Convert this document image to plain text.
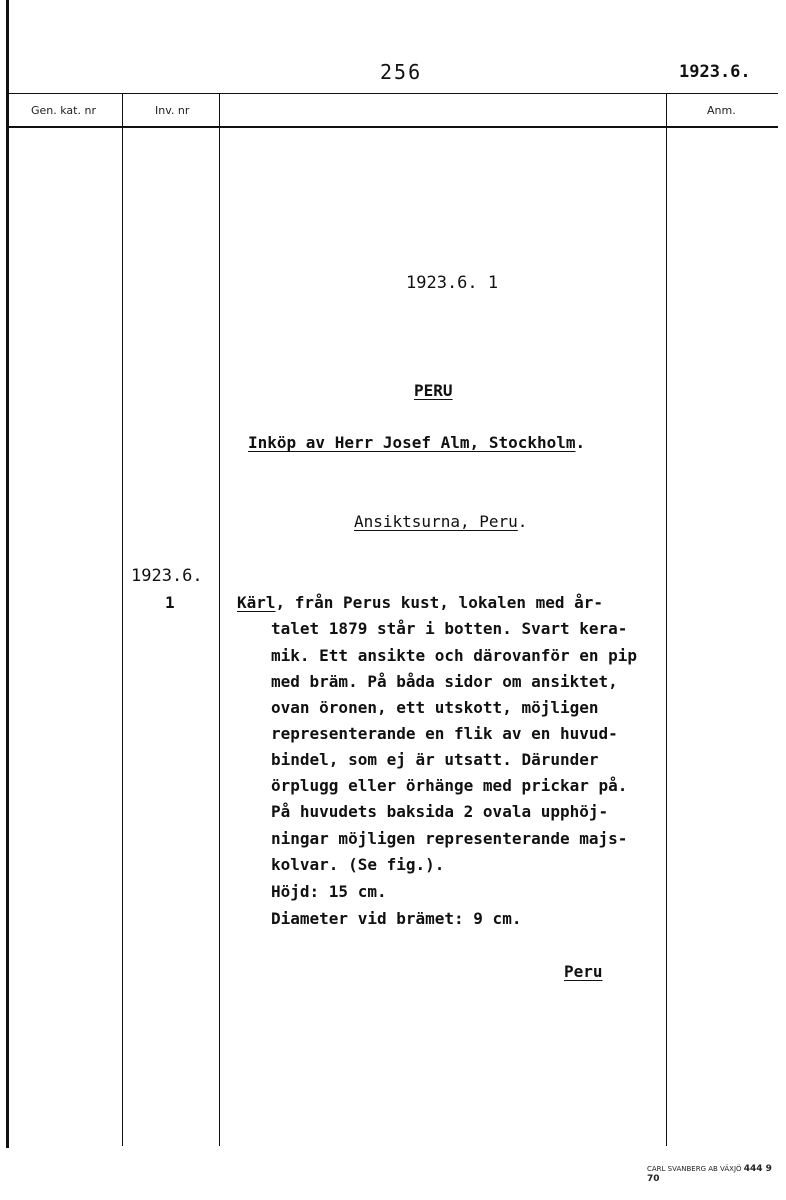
256	1923.6.
Gen. kat. nr	Inv. nr	Anm.
1923.6. 1
PERU
Inköp av Herr Josef Alm, Stockholm.
Ansiktsurna, Peru.
1923.6.
1	Kärl, från Perus kust, lokalen med år-
talet 1879 står i botten. Svart kera-
mik. Ett ansikte och därovanför en pip
med bräm. På båda sidor om ansiktet,
ovan öronen, ett utskott, möjligen
representerande en flik av en huvud-
bindel, som ej är utsatt. Därunder
örplugg eller örhänge med prickar på.
På huvudets baksida 2 ovala upphöj-
ningar möjligen representerande majs-
kolvar. (Se fig.).
Höjd: 15 cm.
Diameter vid brämet: 9 cm.
Peru
CARL SVANBERG AB VÄXJÖ 444 9 70
